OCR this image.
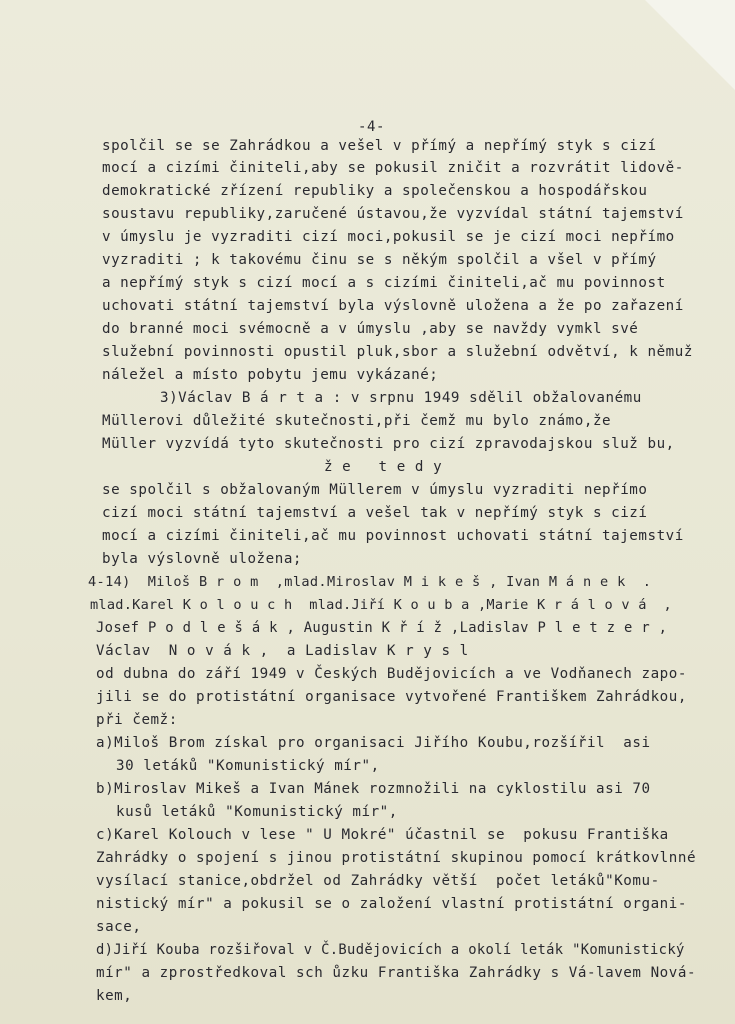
-4-
spolčil se se Zahrádkou a vešel v přímý a nepřímý styk s cizí
mocí a cizími činiteli,aby se pokusil zničit a rozvrátit lidově-
demokratické zřízení republiky a společenskou a hospodářskou
soustavu republiky,zaručené ústavou,že vyzvídal státní tajemství
v úmyslu je vyzraditi cizí moci,pokusil se je cizí moci nepřímo
vyzraditi ; k takovému činu se s někým spolčil a všel v přímý
a nepřímý styk s cizí mocí a s cizími činiteli,ač mu povinnost
uchovati státní tajemství byla výslovně uložena a že po zařazení
do branné moci svémocně a v úmyslu ,aby se navždy vymkl své
služební povinnosti opustil pluk,sbor a služební odvětví, k němuž
náležel a místo pobytu jemu vykázané;
3)Václav B á r t a : v srpnu 1949 sdělil obžalovanému
Müllerovi důležité skutečnosti,při čemž mu bylo známo,že
Müller vyzvídá tyto skutečnosti pro cizí zpravodajskou služ bu,
ž e   t e d y
se spolčil s obžalovaným Müllerem v úmyslu vyzraditi nepřímo
cizí moci státní tajemství a vešel tak v nepřímý styk s cizí
mocí a cizími činiteli,ač mu povinnost uchovati státní tajemství
byla výslovně uložena;
4-14)  Miloš B r o m  ,mlad.Miroslav M i k e š , Ivan M á n e k  .
mlad.Karel K o l o u c h  mlad.Jiří K o u b a ,Marie K r á l o v á  ,
Josef P o d l e š á k , Augustin K ř í ž ,Ladislav P l e t z e r ,
Václav  N o v á k ,  a Ladislav K r y s l
od dubna do září 1949 v Českých Budějovicích a ve Vodňanech zapo-
jili se do protistátní organisace vytvořené Františkem Zahrádkou,
při čemž:
a)Miloš Brom získal pro organisaci Jiřího Koubu,rozšířil  asi
30 letáků "Komunistický mír",
b)Miroslav Mikeš a Ivan Mánek rozmnožili na cyklostilu asi 70
kusů letáků "Komunistický mír",
c)Karel Kolouch v lese " U Mokré" účastnil se  pokusu Františka
Zahrádky o spojení s jinou protistátní skupinou pomocí krátkovlnné
vysílací stanice,obdržel od Zahrádky větší  počet letáků"Komu-
nistický mír" a pokusil se o založení vlastní protistátní organi-
sace,
d)Jiří Kouba rozšiřoval v Č.Budějovicích a okolí leták "Komunistický
mír" a zprostředkoval sch ůzku Františka Zahrádky s Vá-lavem Nová-
kem,
